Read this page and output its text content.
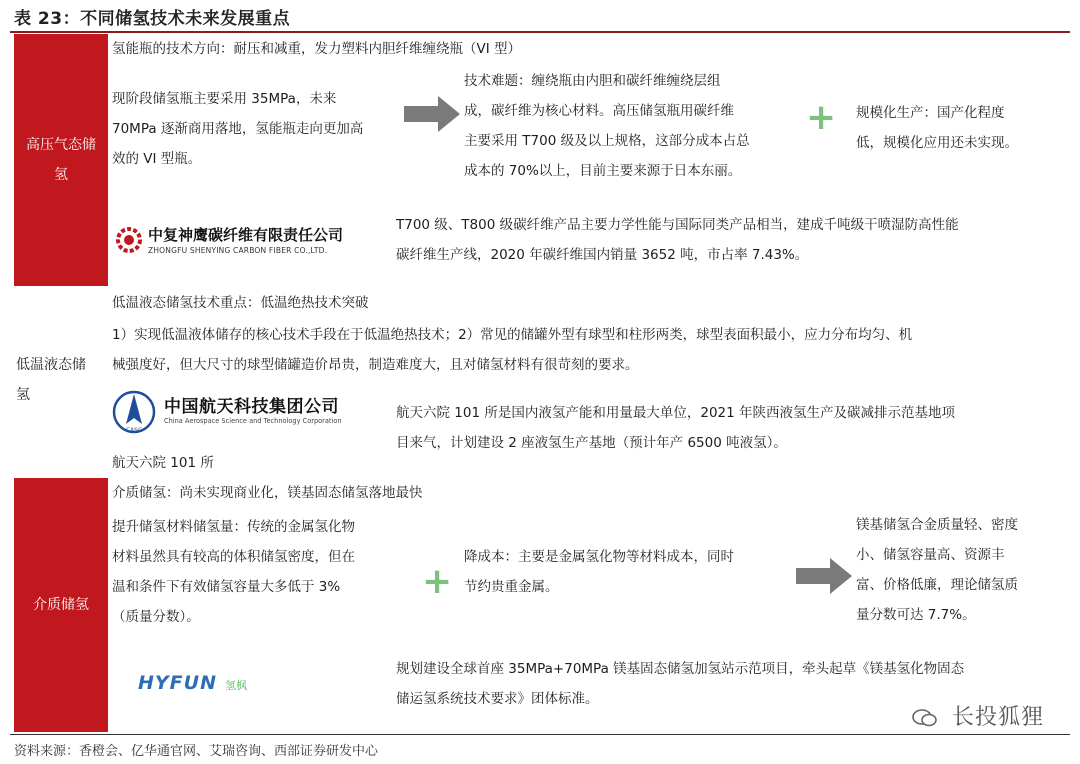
表 23：不同储氢技术未来发展重点
高压气态储
氢
氢能瓶的技术方向：耐压和减重，发力塑料内胆纤维缠绕瓶（VI 型）
现阶段储氢瓶主要采用 35MPa，未来
70MPa 逐渐商用落地，氢能瓶走向更加高
效的 VI 型瓶。
技术难题：缠绕瓶由内胆和碳纤维缠绕层组
成，碳纤维为核心材料。高压储氢瓶用碳纤维
主要采用 T700 级及以上规格，这部分成本占总
成本的 70%以上，目前主要来源于日本东丽。
+ 规模化生产：国产化程度
低，规模化应用还未实现。
中复神鹰碳纤维有限责任公司
ZHONGFU SHENYING CARBON FIBER CO.,LTD.
T700 级、T800 级碳纤维产品主要力学性能与国际同类产品相当，建成千吨级干喷湿防高性能
碳纤维生产线，2020 年碳纤维国内销量 3652 吨，市占率 7.43%。
低温液态储
氢
低温液态储氢技术重点：低温绝热技术突破
1）实现低温液体储存的核心技术手段在于低温绝热技术；2）常见的储罐外型有球型和柱形两类，球型表面积最小，应力分布均匀、机
械强度好，但大尺寸的球型储罐造价昂贵，制造难度大，且对储氢材料有很苛刻的要求。
CASC
中国航天科技集团公司
China Aerospace Science and Technology Corporation	航天六院 101 所是国内液氢产能和用量最大单位，2021 年陕西液氢生产及碳减排示范基地项
目来气，计划建设 2 座液氢生产基地（预计年产 6500 吨液氢）。
航天六院 101 所
介质储氢
介质储氢：尚未实现商业化，镁基固态储氢落地最快
提升储氢材料储氢量：传统的金属氢化物
材料虽然具有较高的体积储氢密度，但在
温和条件下有效储氢容量大多低于 3%
（质量分数）。
+
降成本：主要是金属氢化物等材料成本，同时
节约贵重金属。
镁基储氢合金质量轻、密度
小、储氢容量高、资源丰
富、价格低廉，理论储氢质
量分数可达 7.7%。
HYFUN 氢枫
规划建设全球首座 35MPa+70MPa 镁基固态储氢加氢站示范项目，牵头起草《镁基氢化物固态
储运氢系统技术要求》团体标准。
长投狐狸
资料来源：香橙会、亿华通官网、艾瑞咨询、西部证券研发中心
